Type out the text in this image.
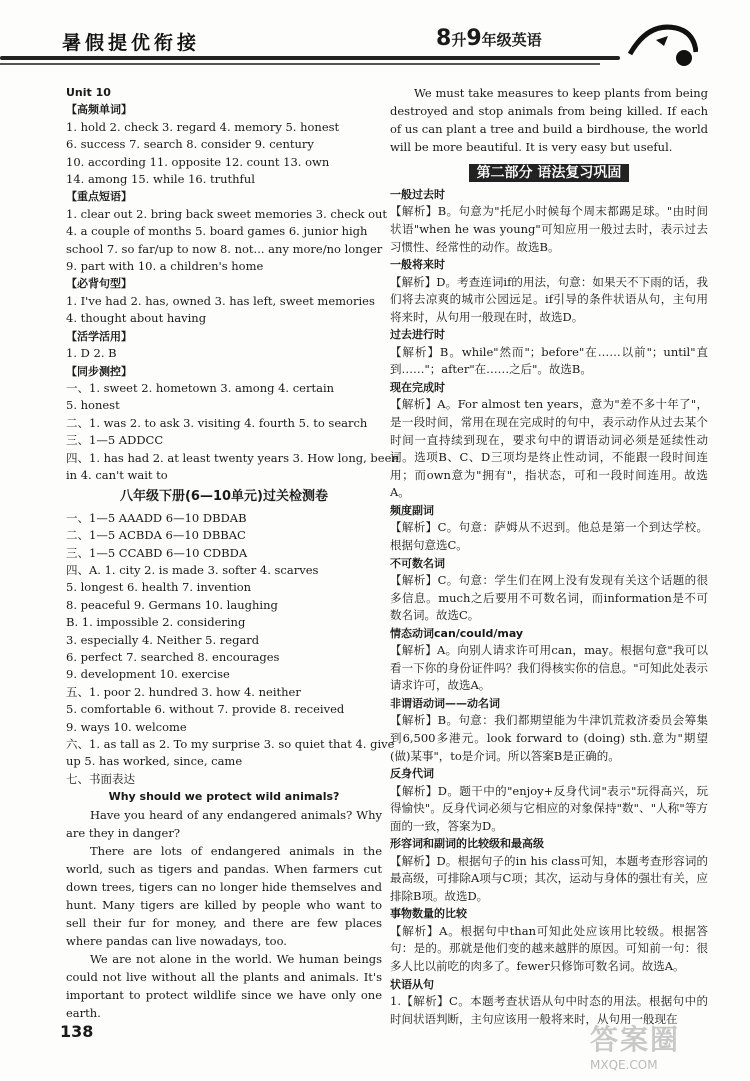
暑假提优衔接	8升9年级英语
Unit 10
【高频单词】
1. hold 2. check 3. regard 4. memory 5. honest
6. success 7. search 8. consider 9. century
10. according 11. opposite 12. count 13. own
14. among 15. while 16. truthful
【重点短语】
1. clear out 2. bring back sweet memories 3. check out
4. a couple of months 5. board games 6. junior high
school 7. so far/up to now 8. not... any more/no longer
9. part with 10. a children's home
【必背句型】
1. I've had 2. has, owned 3. has left, sweet memories
4. thought about having
【活学活用】
1. D 2. B
【同步测控】
一、1. sweet 2. hometown 3. among 4. certain
5. honest
二、1. was 2. to ask 3. visiting 4. fourth 5. to search
三、1—5 ADDCC
四、1. has had 2. at least twenty years 3. How long, been
in 4. can't wait to
八年级下册(6—10单元)过关检测卷
一、1—5 AAADD 6—10 DBDAB
二、1—5 ACBDA 6—10 DBBAC
三、1—5 CCABD 6—10 CDBDA
四、A. 1. city 2. is made 3. softer 4. scarves
5. longest 6. health 7. invention
8. peaceful 9. Germans 10. laughing
B. 1. impossible 2. considering
3. especially 4. Neither 5. regard
6. perfect 7. searched 8. encourages
9. development 10. exercise
五、1. poor 2. hundred 3. how 4. neither
5. comfortable 6. without 7. provide 8. received
9. ways 10. welcome
六、1. as tall as 2. To my surprise 3. so quiet that 4. give
up 5. has worked, since, came
七、书面表达
Why should we protect wild animals?
Have you heard of any endangered animals? Why are they in danger?
There are lots of endangered animals in the world, such as tigers and pandas. When farmers cut down trees, tigers can no longer hide themselves and hunt. Many tigers are killed by people who want to sell their fur for money, and there are few places where pandas can live nowadays, too.
We are not alone in the world. We human beings could not live without all the plants and animals. It's important to protect wildlife since we have only one earth.
We must take measures to keep plants from being destroyed and stop animals from being killed. If each of us can plant a tree and build a birdhouse, the world will be more beautiful. It is very easy but useful.
第二部分 语法复习巩固
一般过去时
【解析】B。句意为"托尼小时候每个周末都踢足球。"由时间状语"when he was young"可知应用一般过去时，表示过去习惯性、经常性的动作。故选B。
一般将来时
【解析】D。考查连词if的用法，句意：如果天不下雨的话，我们将去凉爽的城市公园远足。if引导的条件状语从句，主句用将来时，从句用一般现在时，故选D。
过去进行时
【解析】B。while"然而"；before"在……以前"；until"直到……"；after"在……之后"。故选B。
现在完成时
【解析】A。For almost ten years，意为"差不多十年了"，是一段时间，常用在现在完成时的句中，表示动作从过去某个时间一直持续到现在，要求句中的谓语动词必须是延续性动词。选项B、C、D三项均是终止性动词，不能跟一段时间连用；而own意为"拥有"，指状态，可和一段时间连用。故选A。
频度副词
【解析】C。句意：萨姆从不迟到。他总是第一个到达学校。根据句意选C。
不可数名词
【解析】C。句意：学生们在网上没有发现有关这个话题的很多信息。much之后要用不可数名词，而information是不可数名词。故选C。
情态动词can/could/may
【解析】A。向别人请求许可用can，may。根据句意"我可以看一下你的身份证件吗？我们得核实你的信息。"可知此处表示请求许可，故选A。
非谓语动词——动名词
【解析】B。句意：我们都期望能为牛津饥荒救济委员会筹集到6,500多港元。look forward to (doing) sth.意为"期望(做)某事"，to是介词。所以答案B是正确的。
反身代词
【解析】D。题干中的"enjoy+反身代词"表示"玩得高兴，玩得愉快"。反身代词必须与它相应的对象保持"数"、"人称"等方面的一致，答案为D。
形容词和副词的比较级和最高级
【解析】D。根据句子的in his class可知，本题考查形容词的最高级，可排除A项与C项；其次，运动与身体的强壮有关，应排除B项。故选D。
事物数量的比较
【解析】A。根据句中than可知此处应该用比较级。根据答句：是的。那就是他们变的越来越胖的原因。可知前一句：很多人比以前吃的肉多了。fewer只修饰可数名词。故选A。
状语从句
1.【解析】C。本题考查状语从句中时态的用法。根据句中的时间状语判断，主句应该用一般将来时，从句用一般现在
138	答案圈
MXQE.COM
